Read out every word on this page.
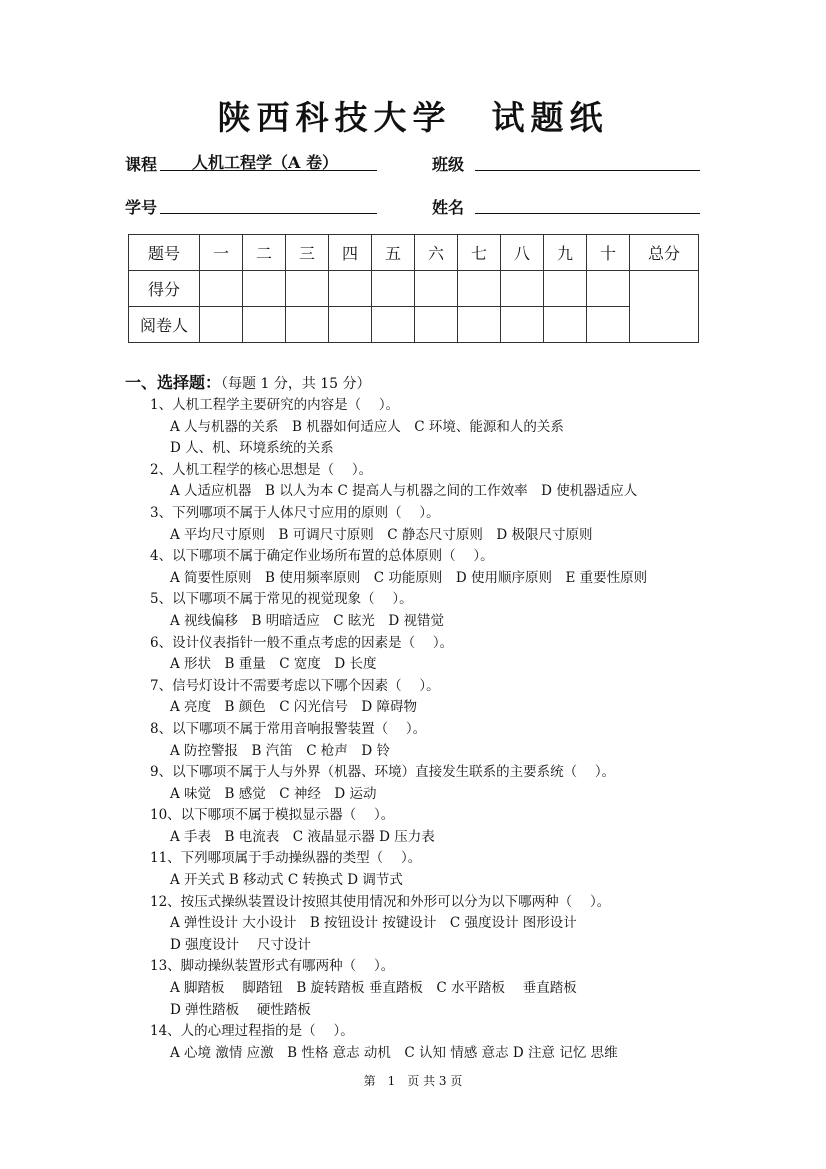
陕西科技大学 试题纸
课程	人机工程学（A 卷）	班级
学号	姓名
题号	一	二	三	四	五	六	七	八	九	十	总分
得分											
阅卷人											
一、选择题：（每题 1 分，共 15 分）
1、人机工程学主要研究的内容是（　 ）。
A 人与机器的关系　B 机器如何适应人　C 环境、能源和人的关系
D 人、机、环境系统的关系
2、人机工程学的核心思想是（　 ）。
A 人适应机器　B 以人为本 C 提高人与机器之间的工作效率　D 使机器适应人
3、下列哪项不属于人体尺寸应用的原则（　 ）。
A 平均尺寸原则　B 可调尺寸原则　C 静态尺寸原则　D 极限尺寸原则
4、以下哪项不属于确定作业场所布置的总体原则（　 ）。
A 简要性原则　B 使用频率原则　C 功能原则　D 使用顺序原则　E 重要性原则
5、以下哪项不属于常见的视觉现象（　 ）。
A 视线偏移　B 明暗适应　C 眩光　D 视错觉
6、设计仪表指针一般不重点考虑的因素是（　 ）。
A 形状　B 重量　C 宽度　D 长度
7、信号灯设计不需要考虑以下哪个因素（　 ）。
A 亮度　B 颜色　C 闪光信号　D 障碍物
8、以下哪项不属于常用音响报警装置（　 ）。
A 防控警报　B 汽笛　C 枪声　D 铃
9、以下哪项不属于人与外界（机器、环境）直接发生联系的主要系统（　 ）。
A 味觉　B 感觉　C 神经　D 运动
10、以下哪项不属于模拟显示器（　 ）。
A 手表　B 电流表　C 液晶显示器 D 压力表
11、下列哪项属于手动操纵器的类型（　 ）。
A 开关式 B 移动式 C 转换式 D 调节式
12、按压式操纵装置设计按照其使用情况和外形可以分为以下哪两种（　 ）。
A 弹性设计 大小设计　B 按钮设计 按键设计　C 强度设计 图形设计
D 强度设计　 尺寸设计
13、脚动操纵装置形式有哪两种（　 ）。
A 脚踏板　 脚踏钮　B 旋转踏板 垂直踏板　C 水平踏板　 垂直踏板
D 弹性踏板　 硬性踏板
14、人的心理过程指的是（　 ）。
A 心境 激情 应激　B 性格 意志 动机　C 认知 情感 意志 D 注意 记忆 思维
第　1　页 共 3 页
